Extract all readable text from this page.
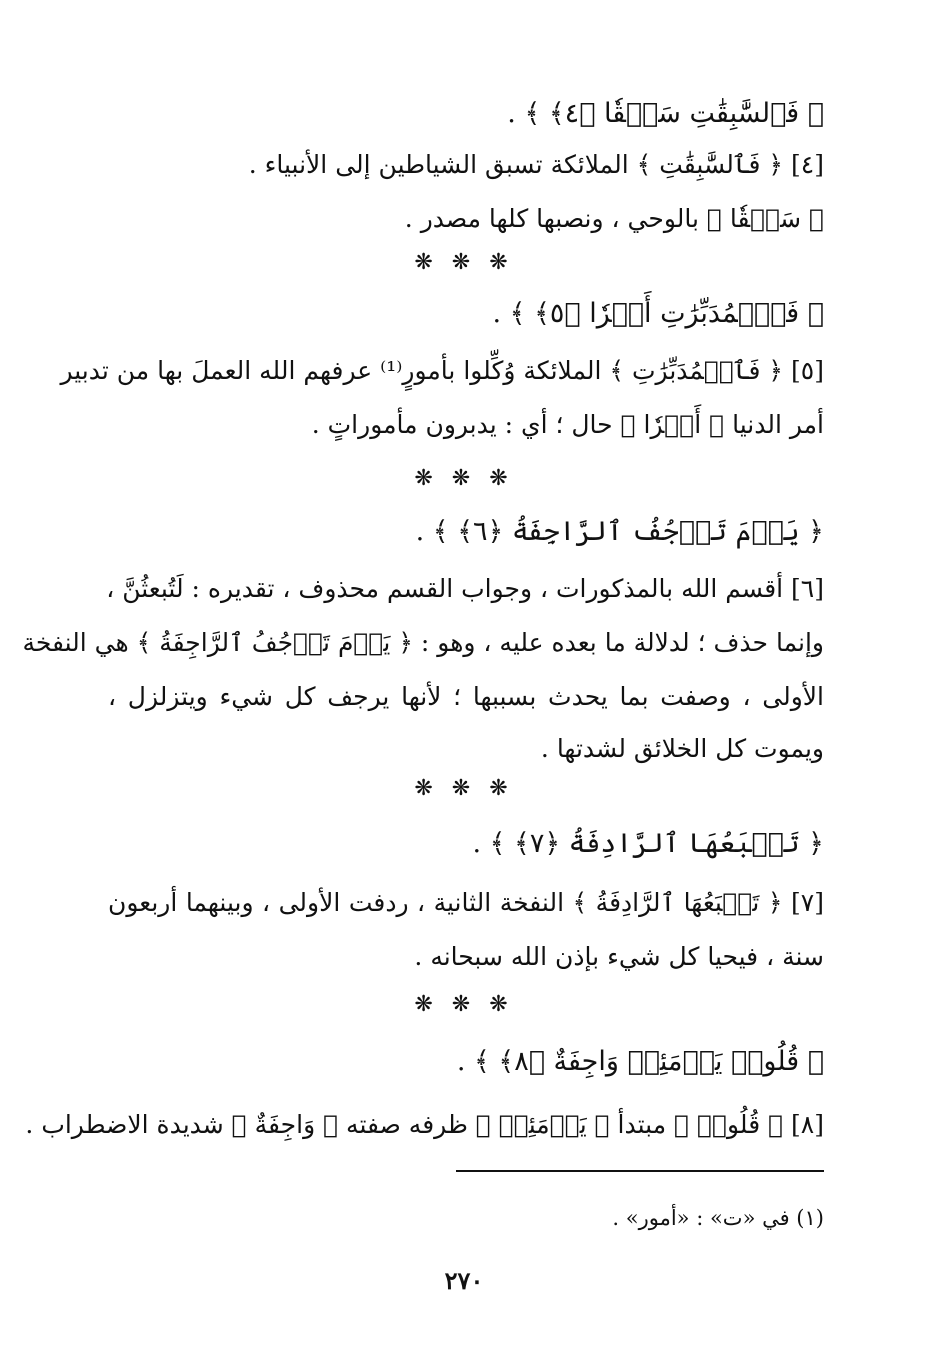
﴿ فَٱلسَّٰبِقَٰتِ سَبۡقٗا ﴿٤﴾ ﴾ .
[٤] ﴿ فَٱلسَّٰبِقَٰتِ ﴾ الملائكة تسبق الشياطين إلى الأنبياء .
﴿ سَبۡقٗا ﴾ بالوحي ، ونصبها كلها مصدر .
❋ ❋ ❋
﴿ فَٱلۡمُدَبِّرَٰتِ أَمۡرٗا ﴿٥﴾ ﴾ .
[٥] ﴿ فَٱلۡمُدَبِّرَٰتِ ﴾ الملائكة وُكِّلوا بأمورٍ⁽¹⁾ عرفهم الله العملَ بها من تدبير
أمر الدنيا ﴿ أَمۡرٗا ﴾ حال ؛ أي : يدبرون مأموراتٍ .
❋ ❋ ❋
﴿ يَوۡمَ تَرۡجُفُ ٱلرَّاجِفَةُ ﴿٦﴾ ﴾ .
[٦] أقسم الله بالمذكورات ، وجواب القسم محذوف ، تقديره : لَتُبعثُنَّ ،
وإنما حذف ؛ لدلالة ما بعده عليه ، وهو : ﴿ يَوۡمَ تَرۡجُفُ ٱلرَّاجِفَةُ ﴾ هي النفخة
الأولى ، وصفت بما يحدث بسببها ؛ لأنها يرجف كل شيء ويتزلزل ،
ويموت كل الخلائق لشدتها .
❋ ❋ ❋
﴿ تَتۡبَعُهَا ٱلرَّادِفَةُ ﴿٧﴾ ﴾ .
[٧] ﴿ تَتۡبَعُهَا ٱلرَّادِفَةُ ﴾ النفخة الثانية ، ردفت الأولى ، وبينهما أربعون
سنة ، فيحيا كل شيء بإذن الله سبحانه .
❋ ❋ ❋
﴿ قُلُوبٞ يَوۡمَئِذٖ وَاجِفَةٌ ﴿٨﴾ ﴾ .
[٨] ﴿ قُلُوبٞ ﴾ مبتدأ ﴿ يَوۡمَئِذٖ ﴾ ظرفه صفته ﴿ وَاجِفَةٌ ﴾ شديدة الاضطراب .
(١) في «ت» : «أمور» .
٢٧٠
